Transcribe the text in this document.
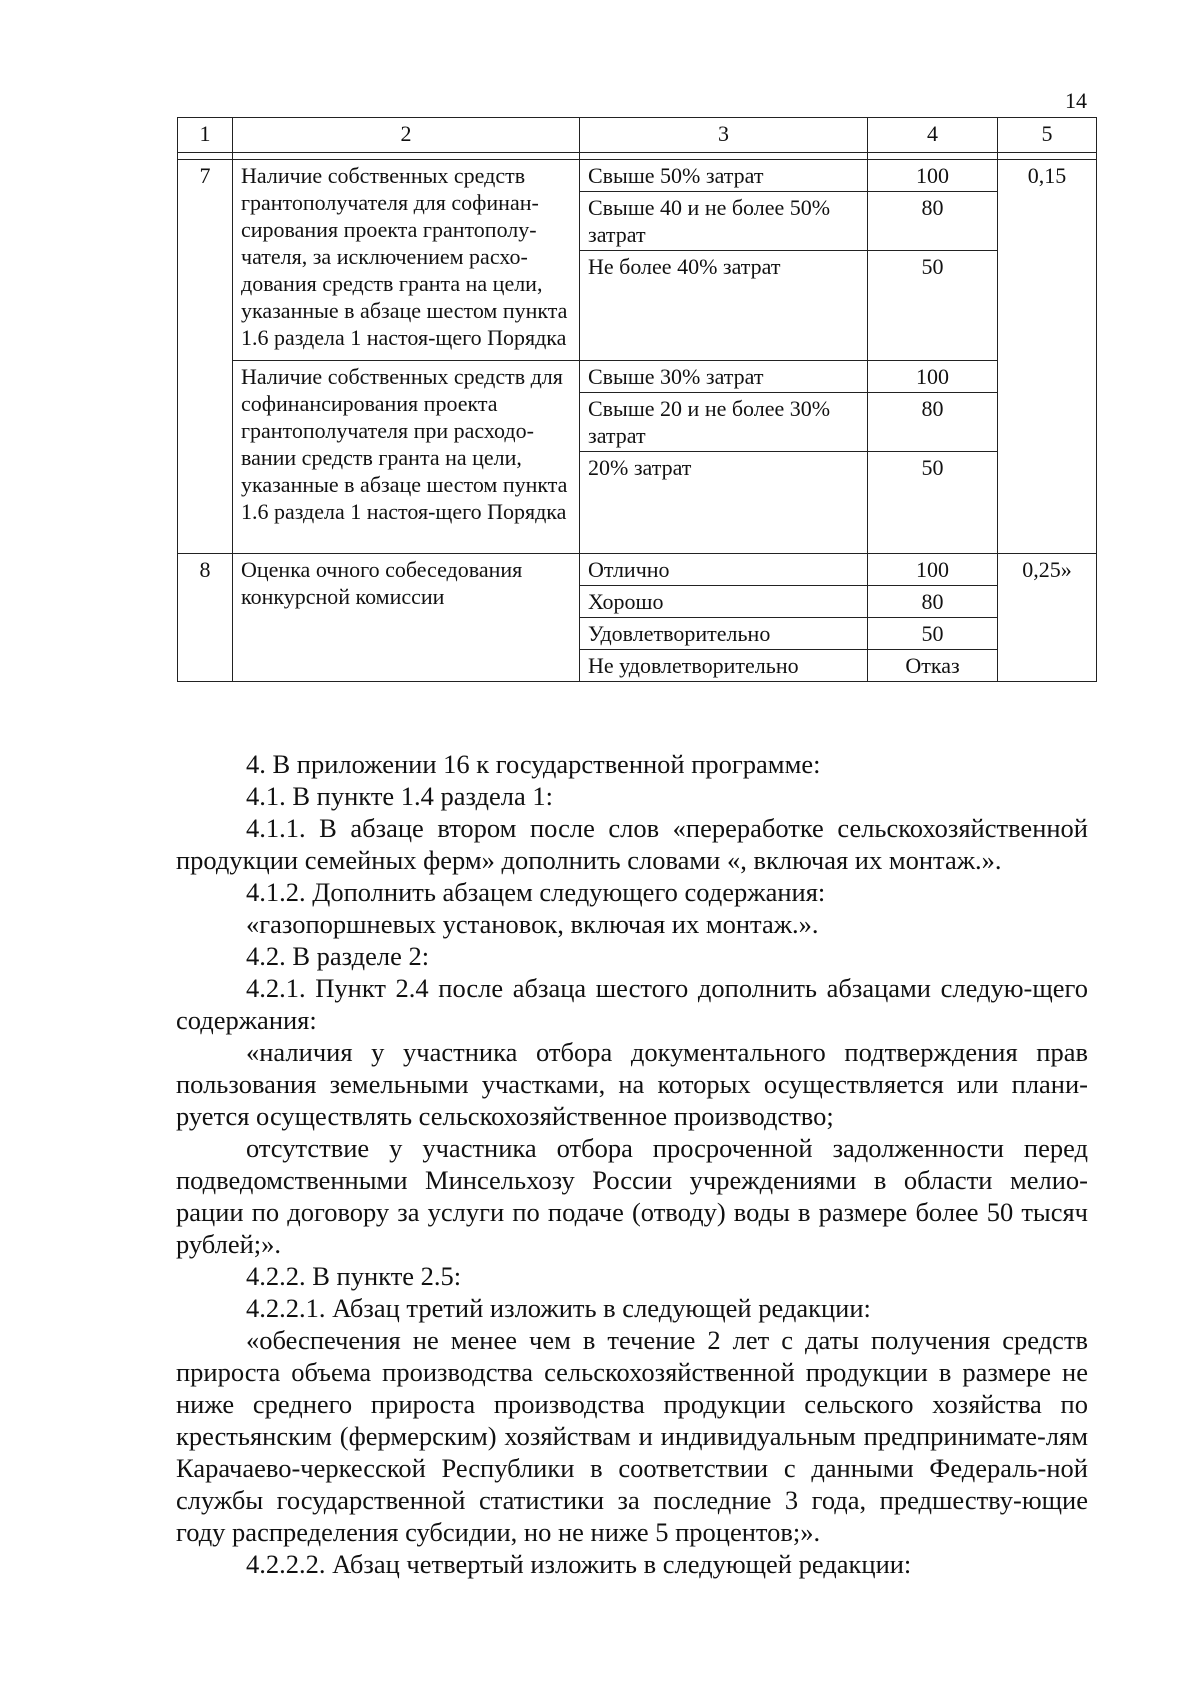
14
1	2	3	4	5

7	Наличие собственных средств грантополучателя для софинан-сирования проекта грантополу-чателя, за исключением расхо-дования средств гранта на цели, указанные в абзаце шестом пункта 1.6 раздела 1 настоя-щего Порядка	Свыше 50% затрат	100	0,15
		Свыше 40 и не более 50% затрат	80	
		Не более 40% затрат	50	
	Наличие собственных средств для софинансирования проекта грантополучателя при расходо-вании средств гранта на цели, указанные в абзаце шестом пункта 1.6 раздела 1 настоя-щего Порядка	Свыше 30% затрат	100	
		Свыше 20 и не более 30% затрат	80	
		20% затрат	50	
8	Оценка очного собеседования конкурсной комиссии	Отлично	100	0,25»
		Хорошо	80	
		Удовлетворительно	50	
		Не удовлетворительно	Отказ	

4. В приложении 16 к государственной программе:

4.1. В пункте 1.4 раздела 1:

4.1.1. В абзаце втором после слов «переработке сельскохозяйственной продукции семейных ферм» дополнить словами «, включая их монтаж.».

4.1.2. Дополнить абзацем следующего содержания:

«газопоршневых установок, включая их монтаж.».

4.2. В разделе 2:

4.2.1. Пункт 2.4 после абзаца шестого дополнить абзацами следую-щего содержания:

«наличия у участника отбора документального подтверждения прав пользования земельными участками, на которых осуществляется или плани-руется осуществлять сельскохозяйственное производство;

отсутствие у участника отбора просроченной задолженности перед подведомственными Минсельхозу России учреждениями в области мелио-рации по договору за услуги по подаче (отводу) воды в размере более 50 тысяч рублей;».

4.2.2. В пункте 2.5:

4.2.2.1. Абзац третий изложить в следующей редакции:

«обеспечения не менее чем в течение 2 лет с даты получения средств прироста объема производства сельскохозяйственной продукции в размере не ниже среднего прироста производства продукции сельского хозяйства по крестьянским (фермерским) хозяйствам и индивидуальным предпринимате-лям Карачаево-черкесской Республики в соответствии с данными Федераль-ной службы государственной статистики за последние 3 года, предшеству-ющие году распределения субсидии, но не ниже 5 процентов;».

4.2.2.2. Абзац четвертый изложить в следующей редакции:
